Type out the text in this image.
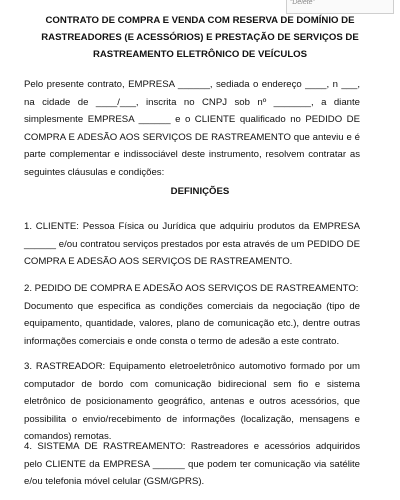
“Delete”
CONTRATO DE COMPRA E VENDA COM RESERVA DE DOMÍNIO DE
RASTREADORES (E ACESSÓRIOS) E PRESTAÇÃO DE SERVIÇOS DE
RASTREAMENTO ELETRÔNICO DE VEÍCULOS

Pelo presente contrato, EMPRESA ______, sediada o endereço ____, n ___, na cidade de ____/___, inscrita no CNPJ sob nº _______, a diante simplesmente EMPRESA ______ e o CLIENTE qualificado no PEDIDO DE COMPRA E ADESÃO AOS SERVIÇOS DE RASTREAMENTO que anteviu e é parte complementar e indissociável deste instrumento, resolvem contratar as seguintes cláusulas e condições:

DEFINIÇÕES

1. CLIENTE: Pessoa Física ou Jurídica que adquiriu produtos da EMPRESA ______ e/ou contratou serviços prestados por esta através de um PEDIDO DE COMPRA E ADESÃO AOS SERVIÇOS DE RASTREAMENTO.

2. PEDIDO DE COMPRA E ADESÃO AOS SERVIÇOS DE RASTREAMENTO:

Documento que especifica as condições comerciais da negociação (tipo de equipamento, quantidade, valores, plano de comunicação etc.), dentre outras informações comerciais e onde consta o termo de adesão a este contrato.

3. RASTREADOR: Equipamento eletroeletrônico automotivo formado por um computador de bordo com comunicação bidirecional sem fio e sistema eletrônico de posicionamento geográfico, antenas e outros acessórios, que possibilita o envio/recebimento de informações (localização, mensagens e comandos) remotas.

4. SISTEMA DE RASTREAMENTO: Rastreadores e acessórios adquiridos pelo CLIENTE da EMPRESA ______ que podem ter comunicação via satélite e/ou telefonia móvel celular (GSM/GPRS).
